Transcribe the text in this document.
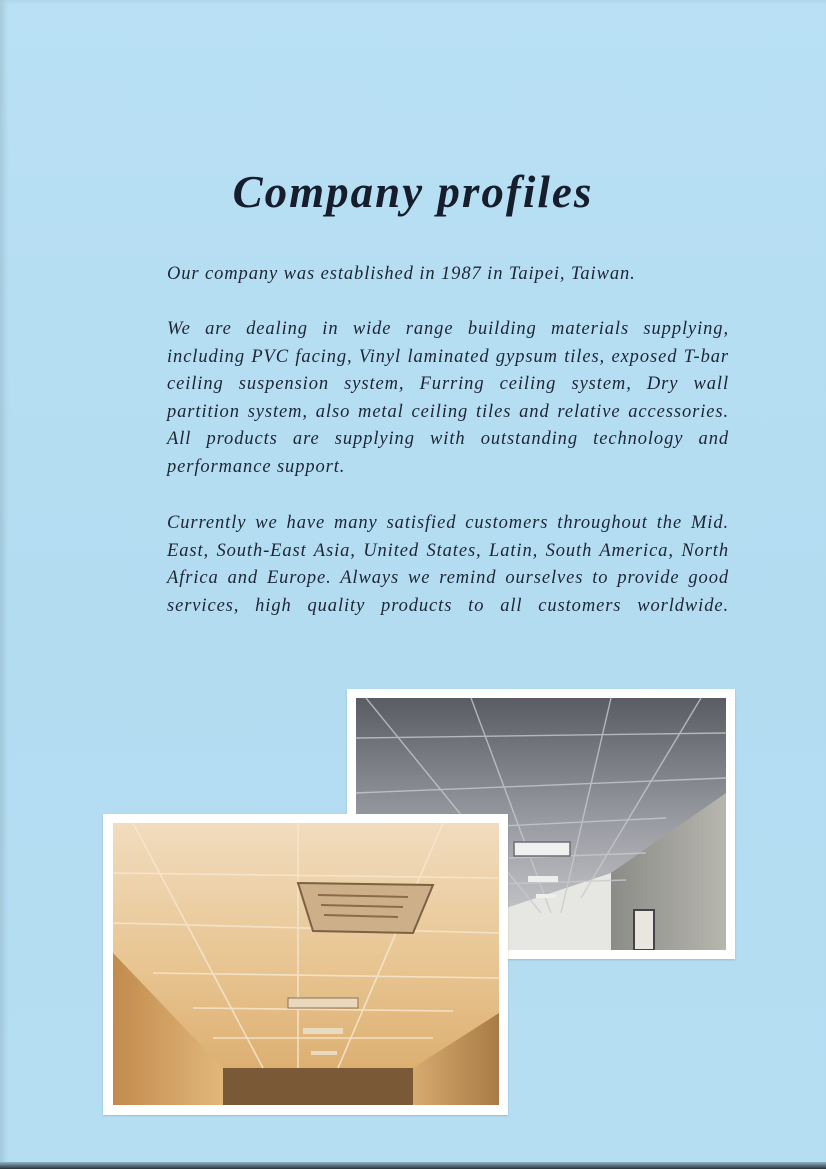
Company profiles

Our company was established in 1987 in Taipei, Taiwan.

We are dealing in wide range building materials supplying, including PVC facing, Vinyl laminated gypsum tiles, exposed T-bar ceiling suspension system, Furring ceiling system, Dry wall partition system, also metal ceiling tiles and relative accessories. All products are supplying with outstanding technology and performance support.

Currently we have many satisfied customers throughout the Mid. East, South-East Asia, United States, Latin, South America, North Africa and Europe. Always we remind ourselves to provide good services, high quality products to all customers worldwide.
